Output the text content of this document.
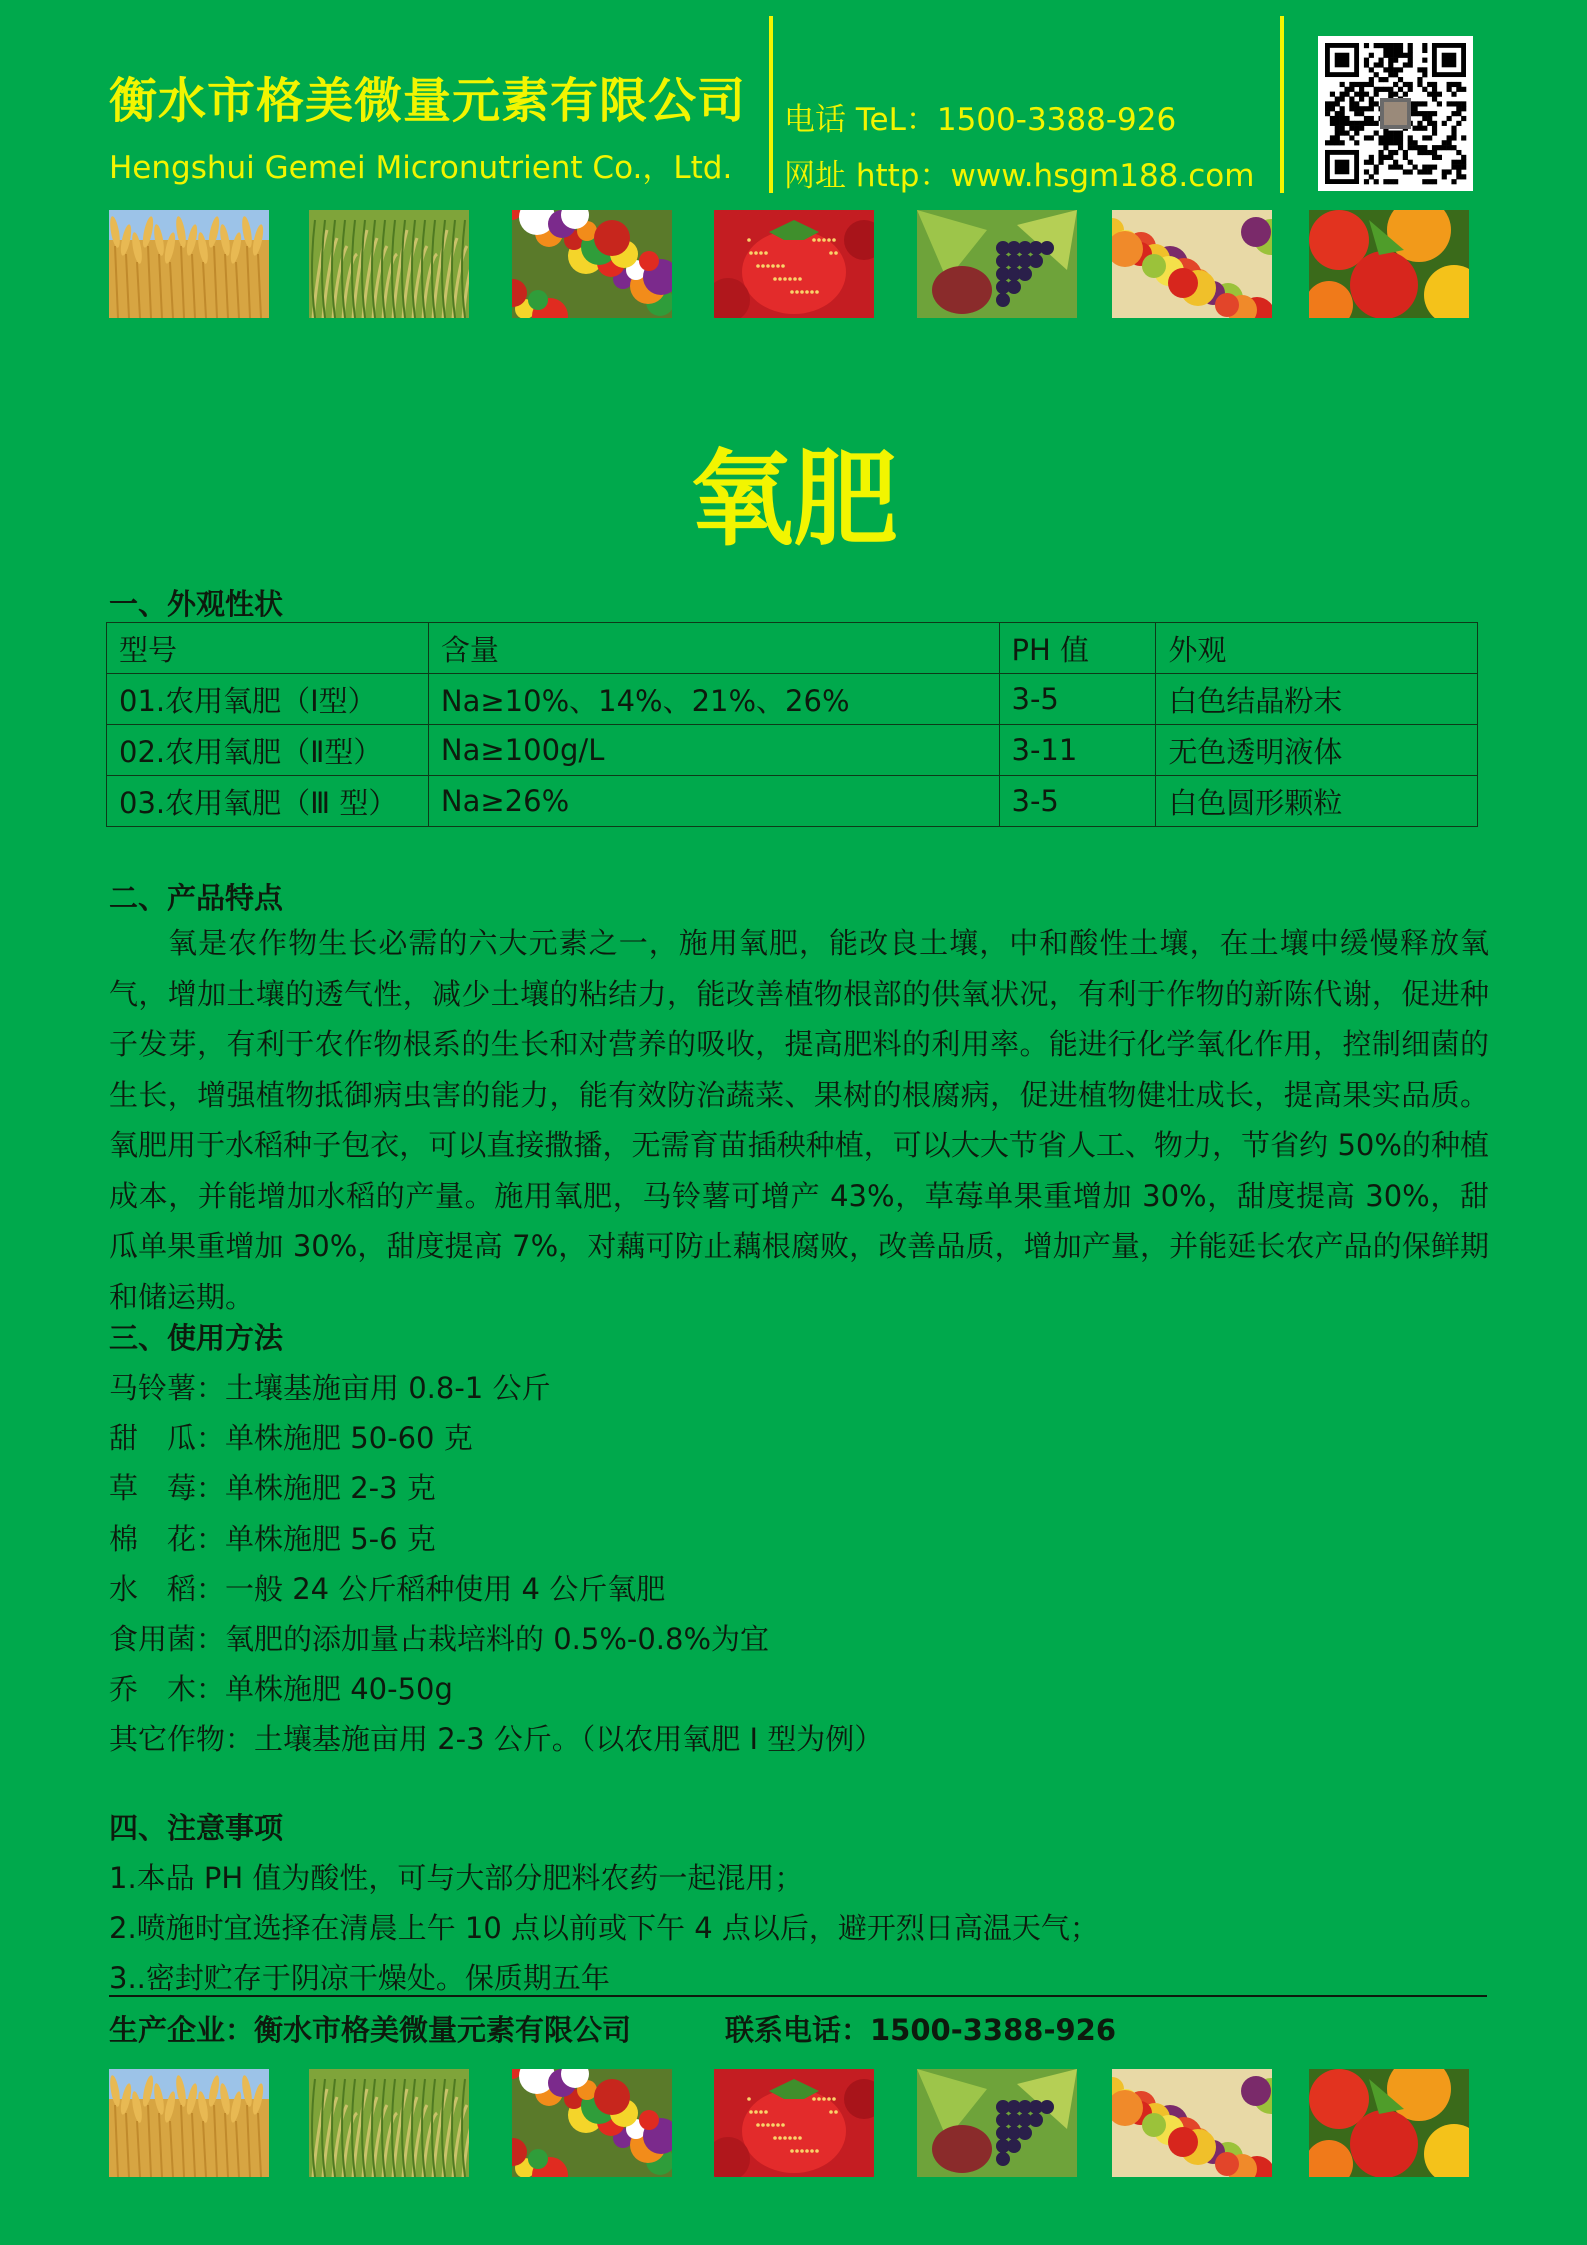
衡水市格美微量元素有限公司
Hengshui Gemei Micronutrient Co.，Ltd.
电话 TeL：1500-3388-926
网址 http：www.hsgm188.com
氧肥
一、外观性状
型号	含量	PH 值	外观
01.农用氧肥（Ⅰ型）	Na≥10%、14%、21%、26%	3-5	白色结晶粉末
02.农用氧肥（Ⅱ型）	Na≥100g/L	3-11	无色透明液体
03.农用氧肥（Ⅲ 型）	Na≥26%	3-5	白色圆形颗粒
二、产品特点
氧是农作物生长必需的六大元素之一，施用氧肥，能改良土壤，中和酸性土壤，在土壤中缓慢释放氧气，增加土壤的透气性，减少土壤的粘结力，能改善植物根部的供氧状况，有利于作物的新陈代谢，促进种子发芽，有利于农作物根系的生长和对营养的吸收，提高肥料的利用率。能进行化学氧化作用，控制细菌的生长，增强植物抵御病虫害的能力，能有效防治蔬菜、果树的根腐病，促进植物健壮成长，提高果实品质。氧肥用于水稻种子包衣，可以直接撒播，无需育苗插秧种植，可以大大节省人工、物力，节省约 50%的种植成本，并能增加水稻的产量。施用氧肥，马铃薯可增产 43%，草莓单果重增加 30%，甜度提高 30%，甜瓜单果重增加 30%，甜度提高 7%，对藕可防止藕根腐败，改善品质，增加产量，并能延长农产品的保鲜期和储运期。
三、使用方法
马铃薯：土壤基施亩用 0.8-1 公斤
甜　瓜：单株施肥 50-60 克
草　莓：单株施肥 2-3 克
棉　花：单株施肥 5-6 克
水　稻：一般 24 公斤稻种使用 4 公斤氧肥
食用菌：氧肥的添加量占栽培料的 0.5%-0.8%为宜
乔　木：单株施肥 40-50g
其它作物：土壤基施亩用 2-3 公斤。（以农用氧肥 I 型为例）
四、注意事项
1.本品 PH 值为酸性，可与大部分肥料农药一起混用；
2.喷施时宜选择在清晨上午 10 点以前或下午 4 点以后，避开烈日高温天气；
3..密封贮存于阴凉干燥处。保质期五年
生产企业：衡水市格美微量元素有限公司	联系电话：1500-3388-926
